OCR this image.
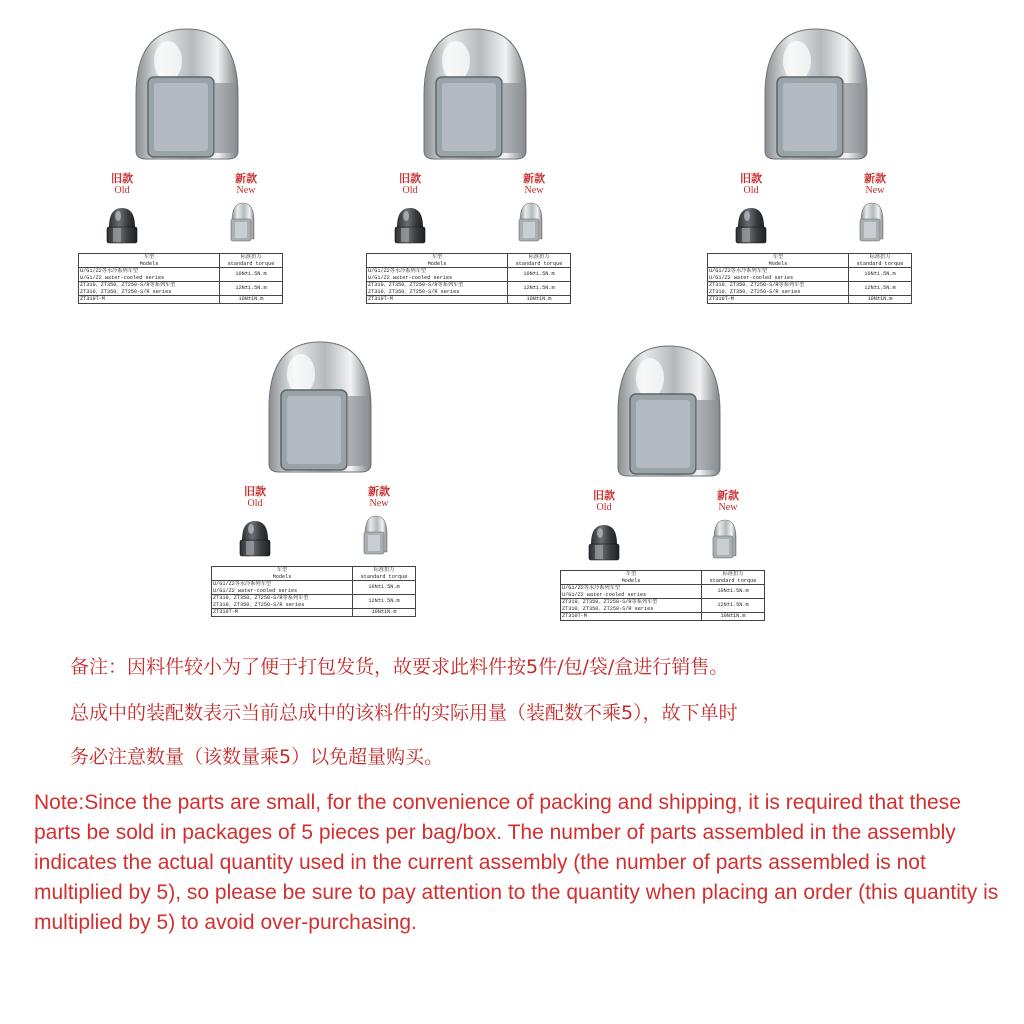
旧款
Old
新款
New
车型
Models	标准扭力
standard torque
U/G1/Z2等水冷系列车型
U/G1/Z2 water-cooled series	10N±1.5N.m
ZT310、ZT350、ZT250-S/R等系列车型
ZT310、ZT350、ZT250-S/R series	12N±1.5N.m
ZT310T-M	10N±1N.m
旧款
Old
新款
New
车型
Models	标准扭力
standard torque
U/G1/Z2等水冷系列车型
U/G1/Z2 water-cooled series	10N±1.5N.m
ZT310、ZT350、ZT250-S/R等系列车型
ZT310、ZT350、ZT250-S/R series	12N±1.5N.m
ZT310T-M	10N±1N.m
旧款
Old
新款
New
车型
Models	标准扭力
standard torque
U/G1/Z2等水冷系列车型
U/G1/Z2 water-cooled series	10N±1.5N.m
ZT310、ZT350、ZT250-S/R等系列车型
ZT310、ZT350、ZT250-S/R series	12N±1.5N.m
ZT310T-M	10N±1N.m
旧款
Old
新款
New
车型
Models	标准扭力
standard torque
U/G1/Z2等水冷系列车型
U/G1/Z2 water-cooled series	10N±1.5N.m
ZT310、ZT350、ZT250-S/R等系列车型
ZT310、ZT350、ZT250-S/R series	12N±1.5N.m
ZT310T-M	10N±1N.m
旧款
Old
新款
New
车型
Models	标准扭力
standard torque
U/G1/Z2等水冷系列车型
U/G1/Z2 water-cooled series	10N±1.5N.m
ZT310、ZT350、ZT250-S/R等系列车型
ZT310、ZT350、ZT250-S/R series	12N±1.5N.m
ZT310T-M	10N±1N.m
备注：因料件较小为了便于打包发货，故要求此料件按5件/包/袋/盒进行销售。
总成中的装配数表示当前总成中的该料件的实际用量（装配数不乘5），故下单时
务必注意数量（该数量乘5）以免超量购买。
Note:Since the parts are small, for the convenience of packing and shipping, it is required that these parts be sold in packages of 5 pieces per bag/box. The number of parts assembled in the assembly indicates the actual quantity used in the current assembly (the number of parts assembled is not multiplied by 5), so please be sure to pay attention to the quantity when placing an order (this quantity is multiplied by 5) to avoid over-purchasing.
